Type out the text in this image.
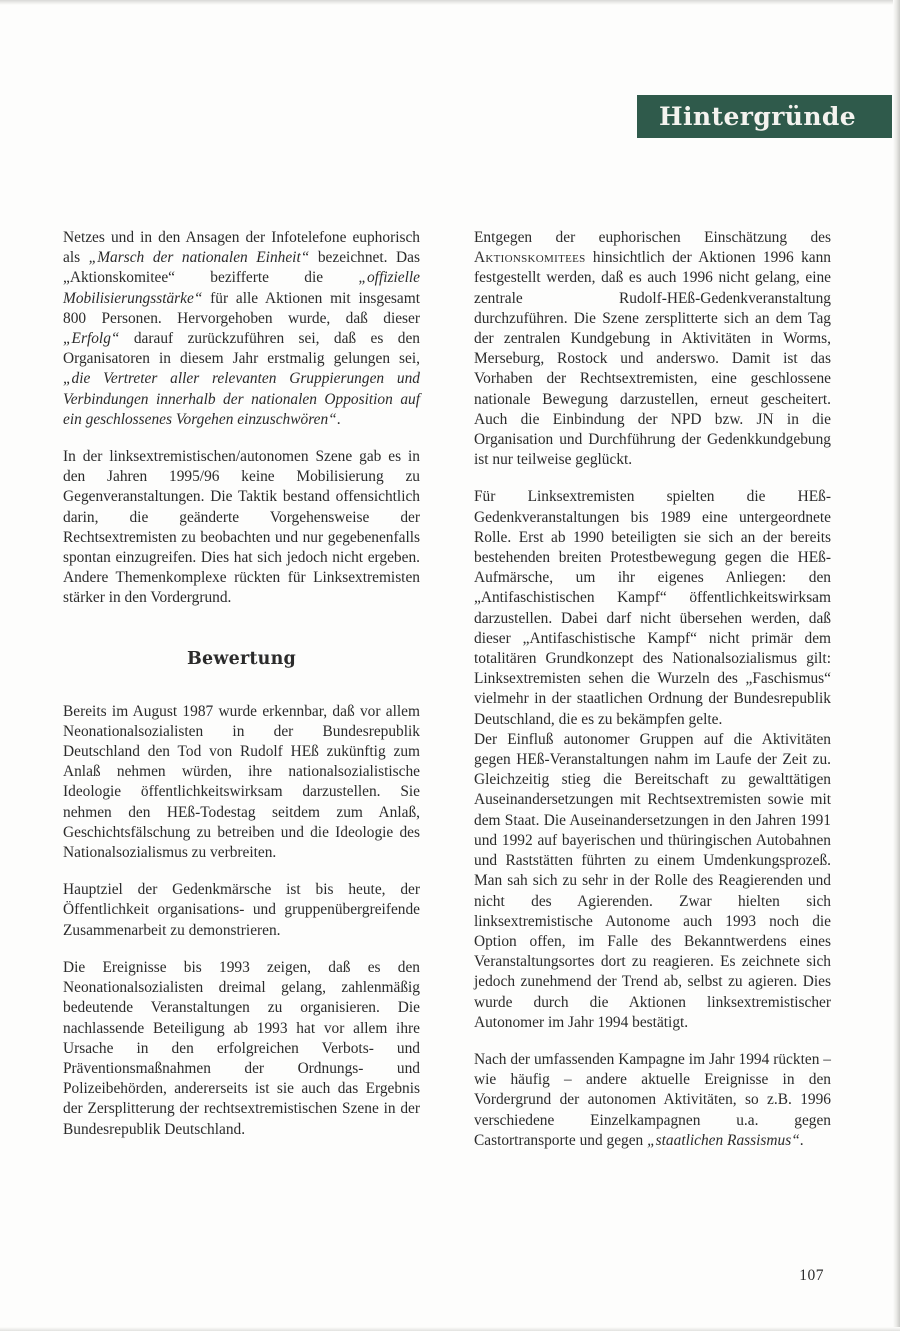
Hintergründe

Netzes und in den Ansagen der Infotelefone euphorisch als „Marsch der nationalen Einheit“ bezeichnet. Das „Aktionskomitee“ bezifferte die „offizielle Mobilisierungsstärke“ für alle Aktionen mit insgesamt 800 Personen. Hervorgehoben wurde, daß dieser „Erfolg“ darauf zurückzuführen sei, daß es den Organisatoren in diesem Jahr erstmalig gelungen sei, „die Vertreter aller relevanten Gruppierungen und Verbindungen innerhalb der nationalen Opposition auf ein geschlossenes Vorgehen einzuschwören“.

In der linksextremistischen/autonomen Szene gab es in den Jahren 1995/96 keine Mobilisierung zu Gegenveranstaltungen. Die Taktik bestand offensichtlich darin, die geänderte Vorgehensweise der Rechtsextremisten zu beobachten und nur gegebenenfalls spontan einzugreifen. Dies hat sich jedoch nicht ergeben. Andere Themenkomplexe rückten für Linksextremisten stärker in den Vordergrund.

Bewertung

Bereits im August 1987 wurde erkennbar, daß vor allem Neonationalsozialisten in der Bundesrepublik Deutschland den Tod von Rudolf HEß zukünftig zum Anlaß nehmen würden, ihre nationalsozialistische Ideologie öffentlichkeitswirksam darzustellen. Sie nehmen den HEß-Todestag seitdem zum Anlaß, Geschichtsfälschung zu betreiben und die Ideologie des Nationalsozialismus zu verbreiten.

Hauptziel der Gedenkmärsche ist bis heute, der Öffentlichkeit organisations- und gruppenübergreifende Zusammenarbeit zu demonstrieren.

Die Ereignisse bis 1993 zeigen, daß es den Neonationalsozialisten dreimal gelang, zahlenmäßig bedeutende Veranstaltungen zu organisieren. Die nachlassende Beteiligung ab 1993 hat vor allem ihre Ursache in den erfolgreichen Verbots- und Präventionsmaßnahmen der Ordnungs- und Polizeibehörden, andererseits ist sie auch das Ergebnis der Zersplitterung der rechtsextremistischen Szene in der Bundesrepublik Deutschland.

Entgegen der euphorischen Einschätzung des Aktionskomitees hinsichtlich der Aktionen 1996 kann festgestellt werden, daß es auch 1996 nicht gelang, eine zentrale Rudolf-HEß-Gedenkveranstaltung durchzuführen. Die Szene zersplitterte sich an dem Tag der zentralen Kundgebung in Aktivitäten in Worms, Merseburg, Rostock und anderswo. Damit ist das Vorhaben der Rechtsextremisten, eine geschlossene nationale Bewegung darzustellen, erneut gescheitert. Auch die Einbindung der NPD bzw. JN in die Organisation und Durchführung der Gedenkkundgebung ist nur teilweise geglückt.

Für Linksextremisten spielten die HEß-Gedenkveranstaltungen bis 1989 eine untergeordnete Rolle. Erst ab 1990 beteiligten sie sich an der bereits bestehenden breiten Protestbewegung gegen die HEß-Aufmärsche, um ihr eigenes Anliegen: den „Antifaschistischen Kampf“ öffentlichkeitswirksam darzustellen. Dabei darf nicht übersehen werden, daß dieser „Antifaschistische Kampf“ nicht primär dem totalitären Grundkonzept des Nationalsozialismus gilt: Linksextremisten sehen die Wurzeln des „Faschismus“ vielmehr in der staatlichen Ordnung der Bundesrepublik Deutschland, die es zu bekämpfen gelte.

Der Einfluß autonomer Gruppen auf die Aktivitäten gegen HEß-Veranstaltungen nahm im Laufe der Zeit zu. Gleichzeitig stieg die Bereitschaft zu gewalttätigen Auseinandersetzungen mit Rechtsextremisten sowie mit dem Staat. Die Auseinandersetzungen in den Jahren 1991 und 1992 auf bayerischen und thüringischen Autobahnen und Raststätten führten zu einem Umdenkungsprozeß. Man sah sich zu sehr in der Rolle des Reagierenden und nicht des Agierenden. Zwar hielten sich linksextremistische Autonome auch 1993 noch die Option offen, im Falle des Bekanntwerdens eines Veranstaltungsortes dort zu reagieren. Es zeichnete sich jedoch zunehmend der Trend ab, selbst zu agieren. Dies wurde durch die Aktionen linksextremistischer Autonomer im Jahr 1994 bestätigt.

Nach der umfassenden Kampagne im Jahr 1994 rückten – wie häufig – andere aktuelle Ereignisse in den Vordergrund der autonomen Aktivitäten, so z.B. 1996 verschiedene Einzelkampagnen u.a. gegen Castortransporte und gegen „staatlichen Rassismus“.

107
